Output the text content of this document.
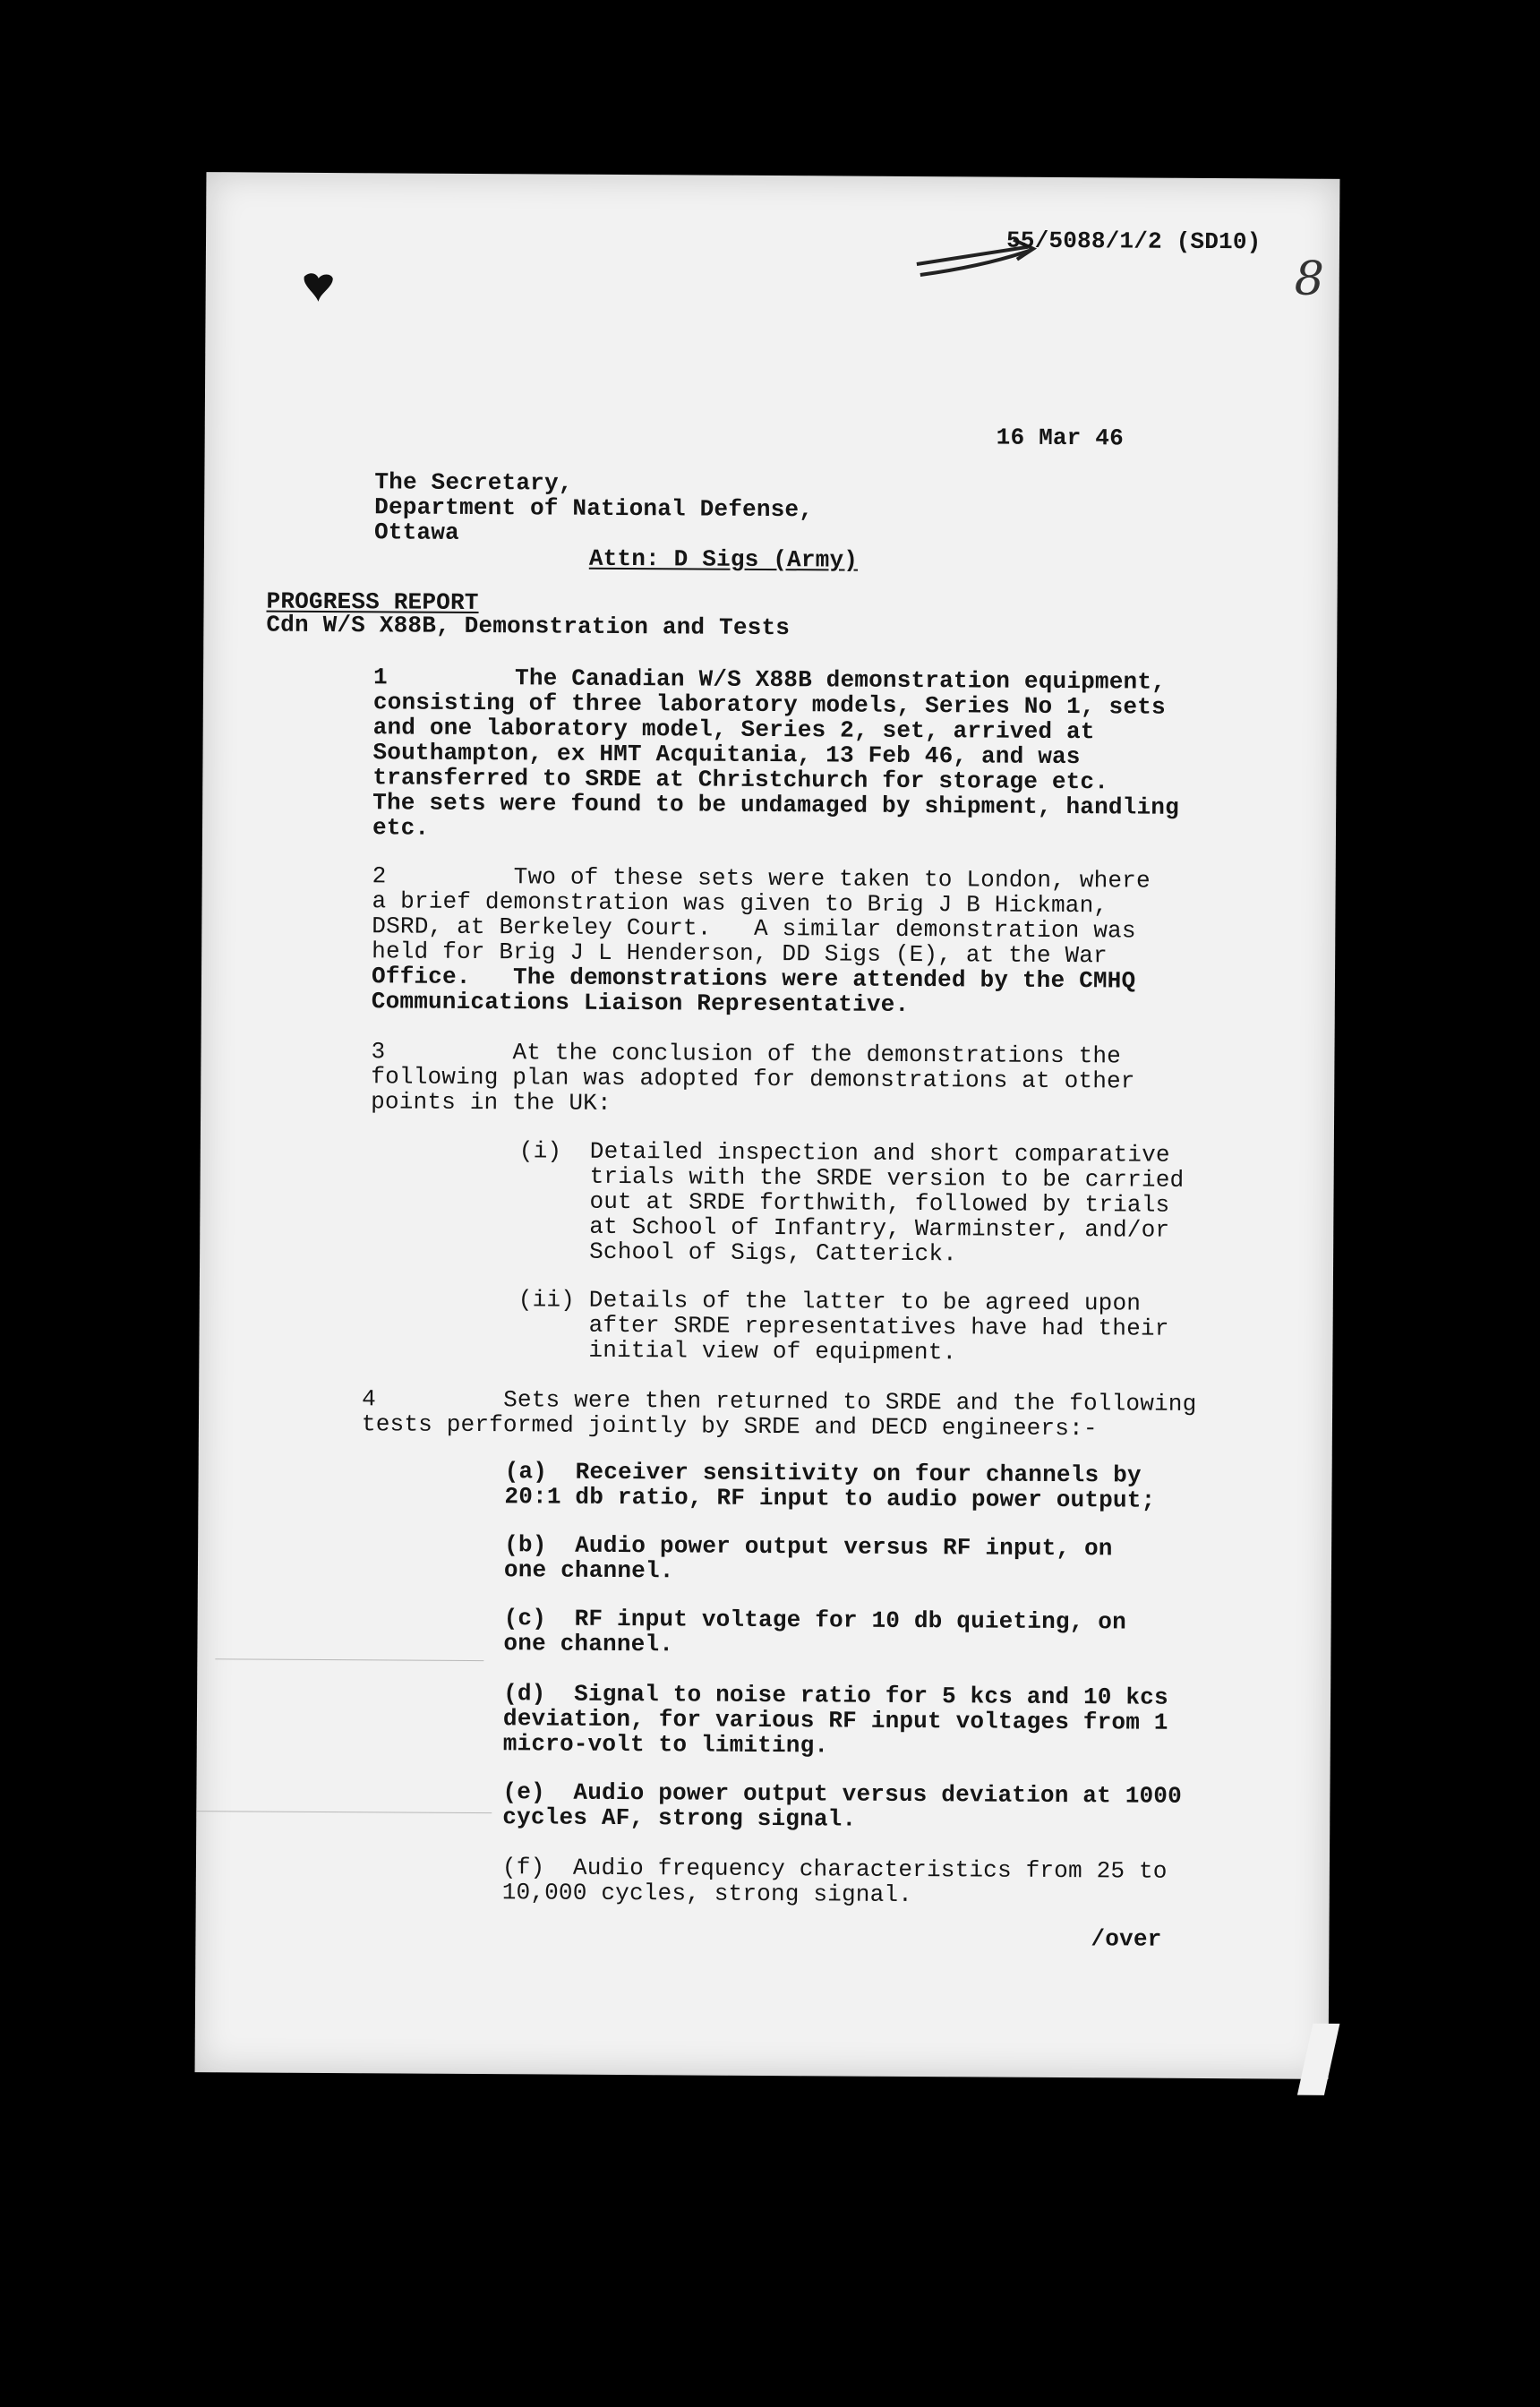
55/5088/1/2 (SD10)

8

16 Mar 46

The Secretary,

Department of National Defense,

Ottawa

Attn: D Sigs (Army)

PROGRESS REPORT

Cdn W/S X88B, Demonstration and Tests

1         The Canadian W/S X88B demonstration equipment,

consisting of three laboratory models, Series No 1, sets

and one laboratory model, Series 2, set, arrived at

Southampton, ex HMT Acquitania, 13 Feb 46, and was

transferred to SRDE at Christchurch for storage etc.

The sets were found to be undamaged by shipment, handling

etc.

2         Two of these sets were taken to London, where

a brief demonstration was given to Brig J B Hickman,

DSRD, at Berkeley Court.   A similar demonstration was

held for Brig J L Henderson, DD Sigs (E), at the War

Office.   The demonstrations were attended by the CMHQ

Communications Liaison Representative.

3         At the conclusion of the demonstrations the

following plan was adopted for demonstrations at other

points in the UK:

(i)  Detailed inspection and short comparative

trials with the SRDE version to be carried

out at SRDE forthwith, followed by trials

at School of Infantry, Warminster, and/or

School of Sigs, Catterick.

(ii) Details of the latter to be agreed upon

after SRDE representatives have had their

initial view of equipment.

4         Sets were then returned to SRDE and the following

tests performed jointly by SRDE and DECD engineers:-

(a)  Receiver sensitivity on four channels by

20:1 db ratio, RF input to audio power output;

(b)  Audio power output versus RF input, on

one channel.

(c)  RF input voltage for 10 db quieting, on

one channel.

(d)  Signal to noise ratio for 5 kcs and 10 kcs

deviation, for various RF input voltages from 1

micro-volt to limiting.

(e)  Audio power output versus deviation at 1000

cycles AF, strong signal.

(f)  Audio frequency characteristics from 25 to

10,000 cycles, strong signal.

/over
